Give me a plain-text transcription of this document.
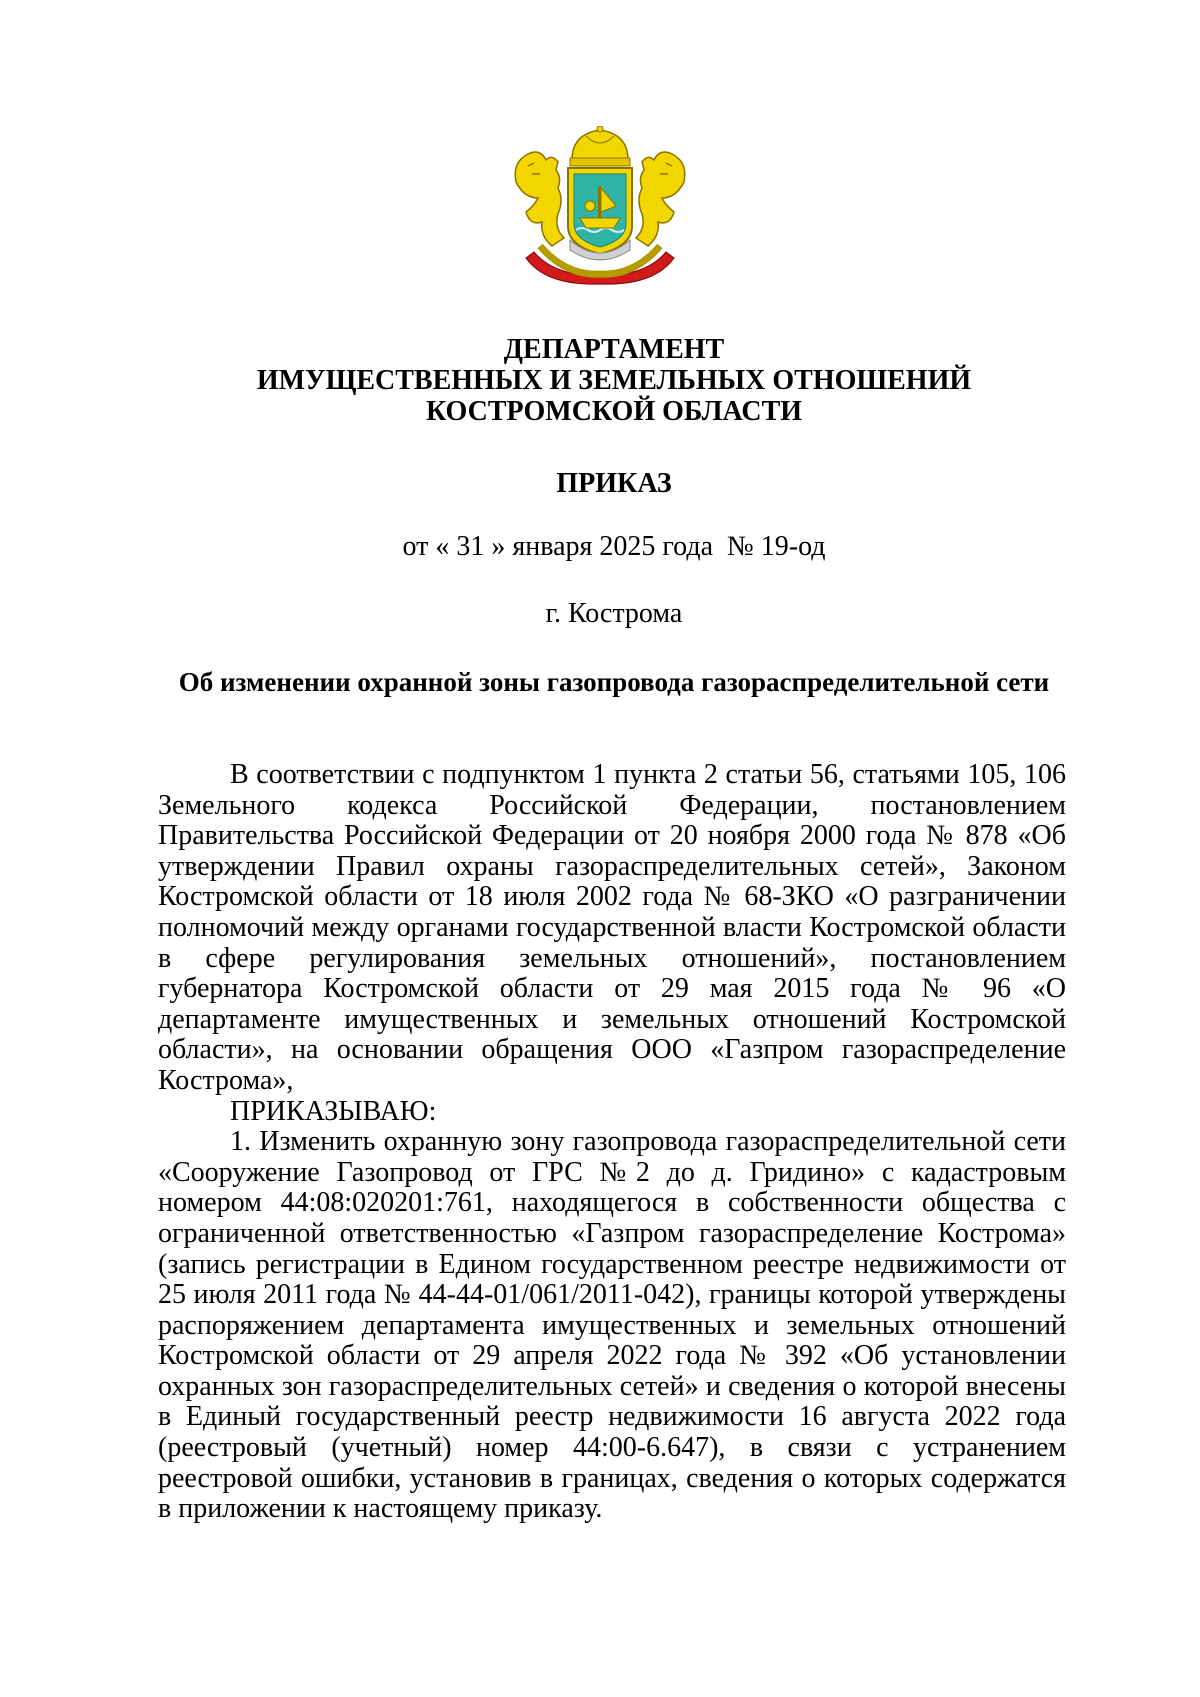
ДЕПАРТАМЕНТ
ИМУЩЕСТВЕННЫХ И ЗЕМЕЛЬНЫХ ОТНОШЕНИЙ
КОСТРОМСКОЙ ОБЛАСТИ
ПРИКАЗ

от « 31 » января 2025 года  № 19-од

г. Кострома

Об изменении охранной зоны газопровода газораспределительной сети

В соответствии с подпунктом 1 пункта 2 статьи 56, статьями 105, 106 Земельного кодекса Российской Федерации, постановлением Правительства Российской Федерации от 20 ноября 2000 года № 878 «Об утверждении Правил охраны газораспределительных сетей», Законом Костромской области от 18 июля 2002 года № 68-ЗКО «О разграничении полномочий между органами государственной власти Костромской области в сфере регулирования земельных отношений», постановлением губернатора Костромской области от 29 мая 2015 года № 96 «О департаменте имущественных и земельных отношений Костромской области», на основании обращения ООО «Газпром газораспределение Кострома»,

ПРИКАЗЫВАЮ:

1. Изменить охранную зону газопровода газораспределительной сети «Сооружение Газопровод от ГРС №2 до д. Гридино» с кадастровым номером 44:08:020201:761, находящегося в собственности общества с ограниченной ответственностью «Газпром газораспределение Кострома» (запись регистрации в Едином государственном реестре недвижимости от 25 июля 2011 года № 44-44-01/061/2011-042), границы которой утверждены распоряжением департамента имущественных и земельных отношений Костромской области от 29 апреля 2022 года № 392 «Об установлении охранных зон газораспределительных сетей» и сведения о которой внесены в Единый государственный реестр недвижимости 16 августа 2022 года (реестровый (учетный) номер 44:00-6.647), в связи с устранением реестровой ошибки, установив в границах, сведения о которых содержатся в приложении к настоящему приказу.
